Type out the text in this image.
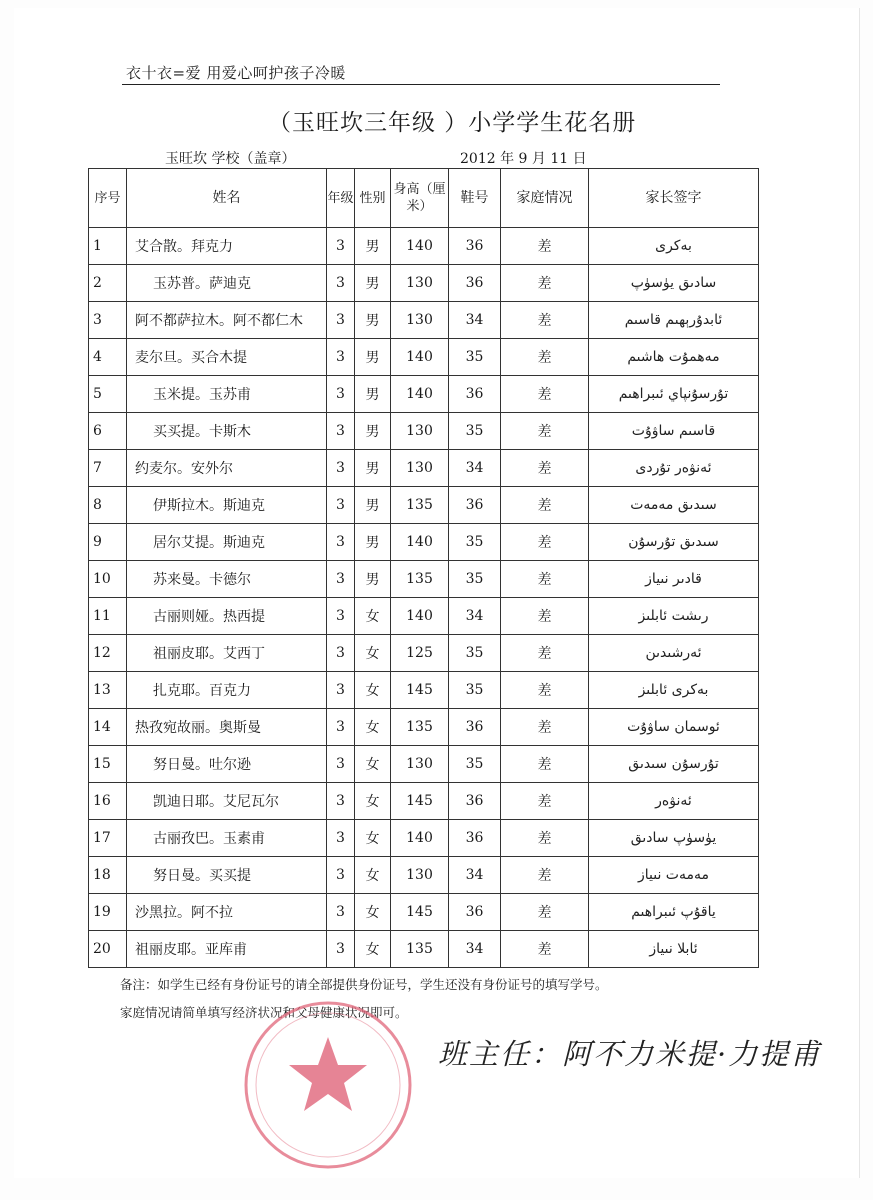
衣十衣=爱 用爱心呵护孩子冷暖
（玉旺坎三年级 ）小学学生花名册
玉旺坎 学校（盖章）	2012 年 9 月 11 日
序号	姓名	年级	性别	身高（厘米）	鞋号	家庭情况	家长签字
1	艾合散。拜克力	3	男	140	36	差	بەكرى
2	玉苏普。萨迪克	3	男	130	36	差	سادىق يۈسۈپ
3	阿不都萨拉木。阿不都仁木	3	男	130	34	差	ئابدۇرېھىم قاسىم
4	麦尔旦。买合木提	3	男	140	35	差	مەھمۇت ھاشىم
5	玉米提。玉苏甫	3	男	140	36	差	تۇرسۇنپاي ئىبراھىم
6	买买提。卡斯木	3	男	130	35	差	قاسىم ساۋۇت
7	约麦尔。安外尔	3	男	130	34	差	ئەنۋەر تۇردى
8	伊斯拉木。斯迪克	3	男	135	36	差	سىدىق مەمەت
9	居尔艾提。斯迪克	3	男	140	35	差	سىدىق تۇرسۇن
10	苏来曼。卡德尔	3	男	135	35	差	قادىر نىياز
11	古丽则娅。热西提	3	女	140	34	差	رىشت ئابلىز
12	祖丽皮耶。艾西丁	3	女	125	35	差	ئەرشىدىن
13	扎克耶。百克力	3	女	145	35	差	بەكرى ئابلىز
14	热孜宛故丽。奥斯曼	3	女	135	36	差	ئوسمان ساۋۇت
15	努日曼。吐尔逊	3	女	130	35	差	تۇرسۇن سىدىق
16	凯迪日耶。艾尼瓦尔	3	女	145	36	差	ئەنۋەر
17	古丽孜巴。玉素甫	3	女	140	36	差	يۈسۈپ سادىق
18	努日曼。买买提	3	女	130	34	差	مەمەت نىياز
19	沙黑拉。阿不拉	3	女	145	36	差	ياقۇپ ئىبراھىم
20	祖丽皮耶。亚库甫	3	女	135	34	差	ئابلا نىياز
备注：如学生已经有身份证号的请全部提供身份证号，学生还没有身份证号的填写学号。
家庭情况请简单填写经济状况和父母健康状况即可。
班主任：阿不力米提·力提甫
